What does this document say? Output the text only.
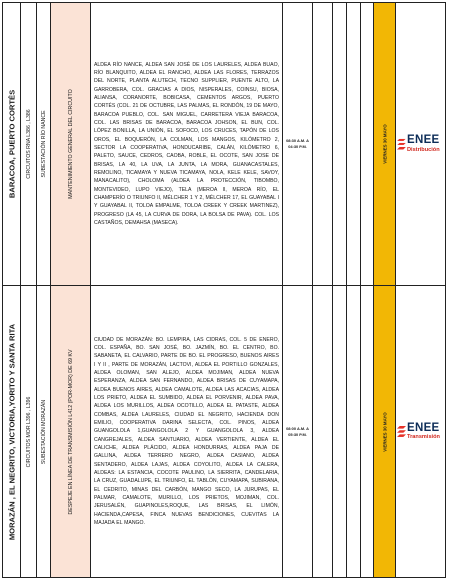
BARACOA, PUERTO CORTÉS	CIRCUITOS RNA L386 , L386	SUBESTACIÓN RÍO NANCE	MANTENIMIENTO GENERAL DEL CIRCUITO	ALDEA RÍO NANCE, ALDEA SAN JOSÉ DE LOS LAURELES, ALDEA BUAO, RÍO BLANQUITO, ALDEA EL RANCHO, ALDEA LAS FLORES, TERRAZOS DEL NORTE, PLANTA ALUTECH, TECNO SUPPLIER, PUENTE ALTO, LA GARROBERA, COL. GRACIAS A DIOS, NISPERALES, COINSU, BIOSA, ALIANSA, CORANORTE, BOBICASA, CEMENTOS ARGOS, PUERTO CORTÉS (COL. 21 DE OCTUBRE, LAS PALMAS, EL RONDÓN, 19 DE MAYO, BARACOA PUEBLO, COL. SAN MIGUEL, CARRETERA VIEJA BARACOA, COL. LAS BRISAS DE BARACOA, BARACOA JOHSON, EL BUN, COL. LÓPEZ BONILLA, LA UNIÓN, EL SOFOCO, LOS CRUCES, TAPÓN DE LOS OROS, EL BOQUERÓN, LA COLMAN, LOS MANGOS, KILÓMETRO 2, SECTOR LA COOPERATIVA, HONDUCARIBE, CALÁN, KILÓMETRO 6, PALETO, SAUCE, CEDROS, CAOBA, ROBLE, EL OCOTE, SAN JOSE DE BRISAS, LA 40, LA UVA, LA JUNTA, LA MORA, GUANACASTALES, REMOLINO, TICAMAYA Y NUEVA TICAMAYA, NOLA, KELE KELE, SAVOY, MANACALITO), CHOLOMA (ALDEA LA PROTECCIÓN, TIBOMBO, MONTEVIDEO, LUPO VIEJO), TELA (MEROA II, MEROA RÍO, EL CHAMPERÍO O TRIUNFO II, MÉLCHER 1 Y 2, MÉLCHER 17, EL GUAYABAL I Y GUAYABAL II, TOLOA EMPALME, TOLOA CREEK Y CREEK MARTINEZ), PROGRESO (LA 45, LA CURVA DE DORA, LA BOLSA DE PAVA). COL. LOS CASTAÑOS, DEMAHSA (MASECA).	08:30 A.M. A 04:30 P.M.					VIERNES 30 MAYO	ENEE
Distribución

MORAZÁN , EL NEGRITO, VICTORIA,YORITO Y SANTA RITA	CIRCUITOS MOR L396 , L396	SUBESTACIÓN MORAZÁN	DESPEJE EN LÍNEA DE TRANSMISIÓN L412 (POR-MOR) DE 69 KV	CIUDAD DE MORAZÁN: BO. LEMPIRA, LAS CIDRAS, COL. 5 DE ENERO, COL. ESPAÑA, BO. SAN JOSÉ, BO. JAZMÍN, BO. EL CENTRO, BO. SABANETA, EL CALVARIO, PARTE DE BO. EL PROGRESO, BUENOS AIRES I Y II , PARTE DE MORAZÁN, LACTOVI, ALDEA EL PORTILLO GONZALES, ALDEA OLOMAN, SAN ALEJO, ALDEA MOJIMAN, ALDEA NUEVA ESPERANZA, ALDEA SAN FERNANDO, ALDEA BRISAS DE CUYAMAPA, ALDEA BUENOS AIRES, ALDEA CAMALOTE, ALDEA LAS ACACIAS, ALDEA LOS PRIETO, ALDEA EL SUMBIDO, ALDEA EL PORVENIR, ALDEA PAVA, ALDEA LOS MURILLOS, ALDEA OCOTILLO, ALDEA EL PATASTE, ALDEA COMBAS, ALDEA LAURELES, CIUDAD EL NEGRITO, HACIENDA DON EMILIO, COOPERATIVA DARINA SELECTA, COL. PINOS, ALDEA GUANGOLOLA 1,GUANGOLOLA 2 Y GUANGOLOLA 3, ALDEA CANGREJALES, ALDEA SANTUARIO, ALDEA VERTIENTE, ALDEA EL CALICHE, ALDEA PLÁCIDO, ALDEA HONDURRAS, ALDEA PAJA DE GALLINA, ALDEA TERRERO NEGRO, ALDEA CASIANO, ALDEA SENTADERO, ALDEA LAJAS, ALDEA COYOLITO, ALDEA LA CALERA, ALDEAS: LA ESTANCIA, COCOTE PAULINO, LA SIERRITA, CANDELARIA, LA CRUZ, GUADALUPE, EL TRIUNFO, EL TABLÓN, CUYAMAPA, SUBIRANA, EL CEDRITO, MINAS DEL CARBÓN, MANGO SECO, LA JURUPAS, EL PALMAR, CAMALOTE, MURILLO, LOS PRIETOS, MOJIMAN, COL. JERUSALÉN, GUAPINOLES,ROQUE, LAS BRISAS, EL LIMÓN, HACIENDA,CAPESA, FINCA NUEVAS BENDICIONES, CUEVITAS LA MAJADA EL MANGO.	08:00 A.M. A 05:30 P.M.					VIERNES 30 MAYO	ENEE
Transmisión
